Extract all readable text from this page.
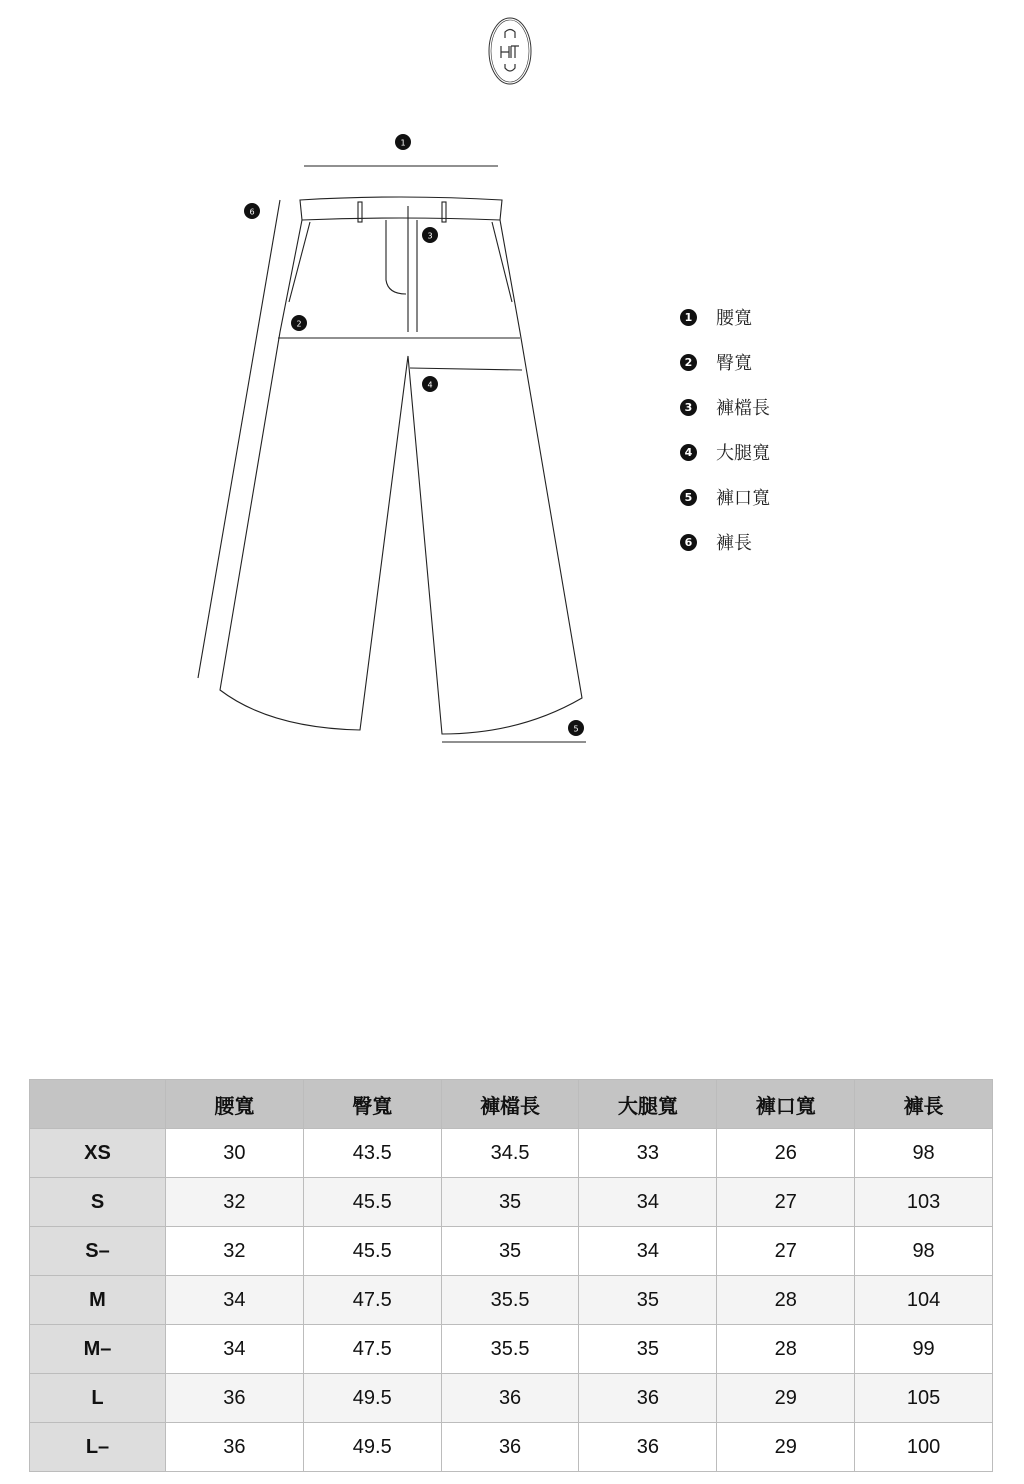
1
2
3
4
5
6
1 腰寬
2 臀寬
3 褲檔長
4 大腿寬
5 褲口寬
6 褲長
	腰寬	臀寬	褲檔長	大腿寬	褲口寬	褲長
XS	30	43.5	34.5	33	26	98
S	32	45.5	35	34	27	103
S–	32	45.5	35	34	27	98
M	34	47.5	35.5	35	28	104
M–	34	47.5	35.5	35	28	99
L	36	49.5	36	36	29	105
L–	36	49.5	36	36	29	100
